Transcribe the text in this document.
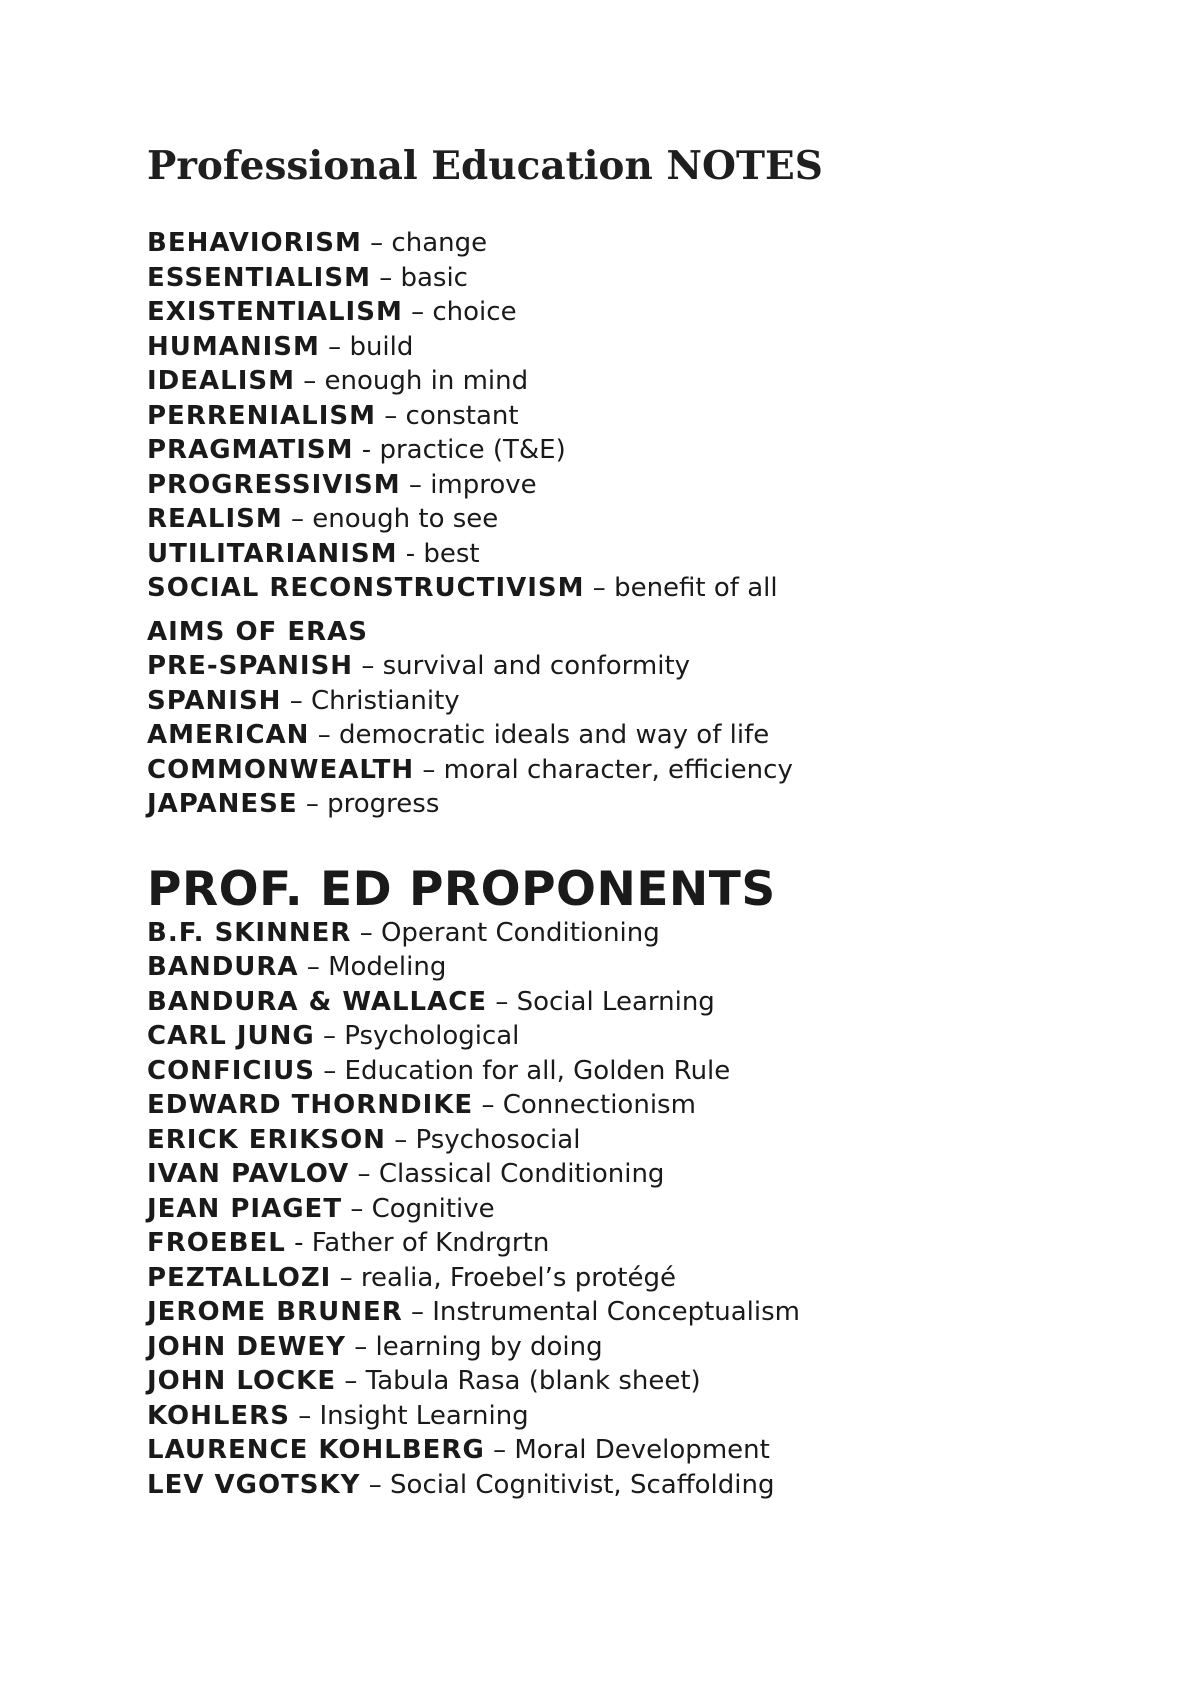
Professional Education NOTES
BEHAVIORISM – change
ESSENTIALISM – basic
EXISTENTIALISM – choice
HUMANISM – build
IDEALISM – enough in mind
PERRENIALISM – constant
PRAGMATISM - practice (T&E)
PROGRESSIVISM – improve
REALISM – enough to see
UTILITARIANISM - best
SOCIAL RECONSTRUCTIVISM – benefit of all
AIMS OF ERAS
PRE-SPANISH – survival and conformity
SPANISH – Christianity
AMERICAN – democratic ideals and way of life
COMMONWEALTH – moral character, efficiency
JAPANESE – progress
PROF. ED PROPONENTS
B.F. SKINNER – Operant Conditioning
BANDURA – Modeling
BANDURA & WALLACE – Social Learning
CARL JUNG – Psychological
CONFICIUS – Education for all, Golden Rule
EDWARD THORNDIKE – Connectionism
ERICK ERIKSON – Psychosocial
IVAN PAVLOV – Classical Conditioning
JEAN PIAGET – Cognitive
FROEBEL - Father of Kndrgrtn
PEZTALLOZI – realia, Froebel’s protégé
JEROME BRUNER – Instrumental Conceptualism
JOHN DEWEY – learning by doing
JOHN LOCKE – Tabula Rasa (blank sheet)
KOHLERS – Insight Learning
LAURENCE KOHLBERG – Moral Development
LEV VGOTSKY – Social Cognitivist, Scaffolding
